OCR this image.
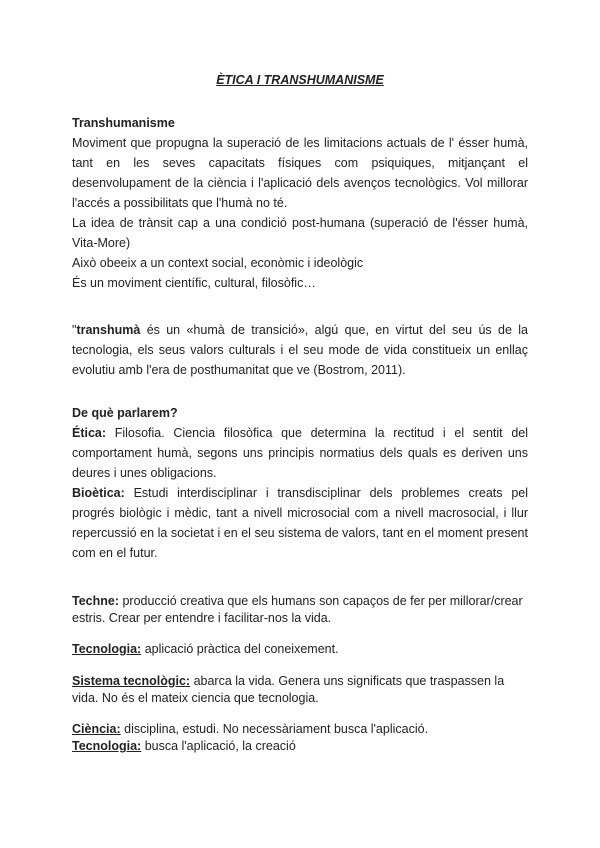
ÈTICA I TRANSHUMANISME
Transhumanisme

Moviment que propugna la superació de les limitacions actuals de l' ésser humà, tant en les seves capacitats físiques com psiquiques, mitjançant el desenvolupament de la ciència i l'aplicació dels avenços tecnològics. Vol millorar l'accés a possibilitats que l'humà no té.

La idea de trànsit cap a una condició post-humana (superació de l'ésser humà, Vita-More)

Això obeeix a un context social, econòmic i ideològic

És un moviment científic, cultural, filosòfic…

"transhumà és un «humà de transició», algú que, en virtut del seu ús de la tecnologia, els seus valors culturals i el seu mode de vida constitueix un enllaç evolutiu amb l'era de posthumanitat que ve (Bostrom, 2011).

De què parlarem?

Ética: Filosofia. Ciencia filosòfica que determina la rectitud i el sentit del comportament humà, segons uns principis normatius dels quals es deriven uns deures i unes obligacions.

Bioètica: Estudi interdisciplinar i transdisciplinar dels problemes creats pel progrés biològic i mèdic, tant a nivell microsocial com a nivell macrosocial, i llur repercussió en la societat i en el seu sistema de valors, tant en el moment present com en el futur.

Techne: producció creativa que els humans son capaços de fer per millorar/crear estris. Crear per entendre i facilitar-nos la vida.

Tecnologia: aplicació pràctica del coneixement.

Sistema tecnològic: abarca la vida. Genera uns significats que traspassen la vida. No és el mateix ciencia que tecnologia.

Ciència: disciplina, estudi. No necessàriament busca l'aplicació.

Tecnologia: busca l'aplicació, la creació
